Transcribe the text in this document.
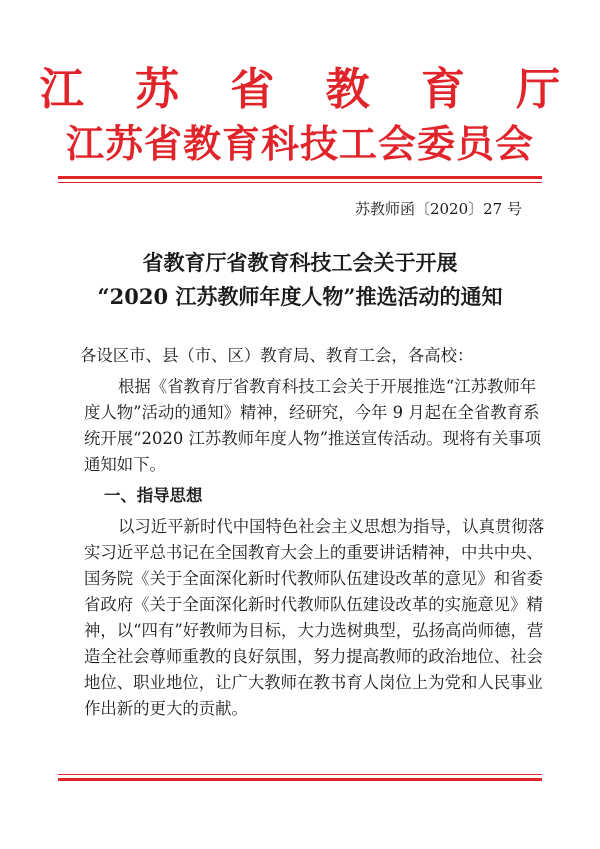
江 苏 省 教 育 厅
江苏省教育科技工会委员会
苏教师函〔2020〕27 号
省教育厅省教育科技工会关于开展
“2020 江苏教师年度人物”推选活动的通知
各设区市、县（市、区）教育局、教育工会，各高校：
根据《省教育厅省教育科技工会关于开展推选“江苏教师年
度人物”活动的通知》精神，经研究，今年 9 月起在全省教育系
统开展“2020 江苏教师年度人物”推送宣传活动。现将有关事项
通知如下。
一、指导思想
以习近平新时代中国特色社会主义思想为指导，认真贯彻落
实习近平总书记在全国教育大会上的重要讲话精神，中共中央、
国务院《关于全面深化新时代教师队伍建设改革的意见》和省委
省政府《关于全面深化新时代教师队伍建设改革的实施意见》精
神，以“四有”好教师为目标，大力选树典型，弘扬高尚师德，营
造全社会尊师重教的良好氛围，努力提高教师的政治地位、社会
地位、职业地位，让广大教师在教书育人岗位上为党和人民事业
作出新的更大的贡献。
